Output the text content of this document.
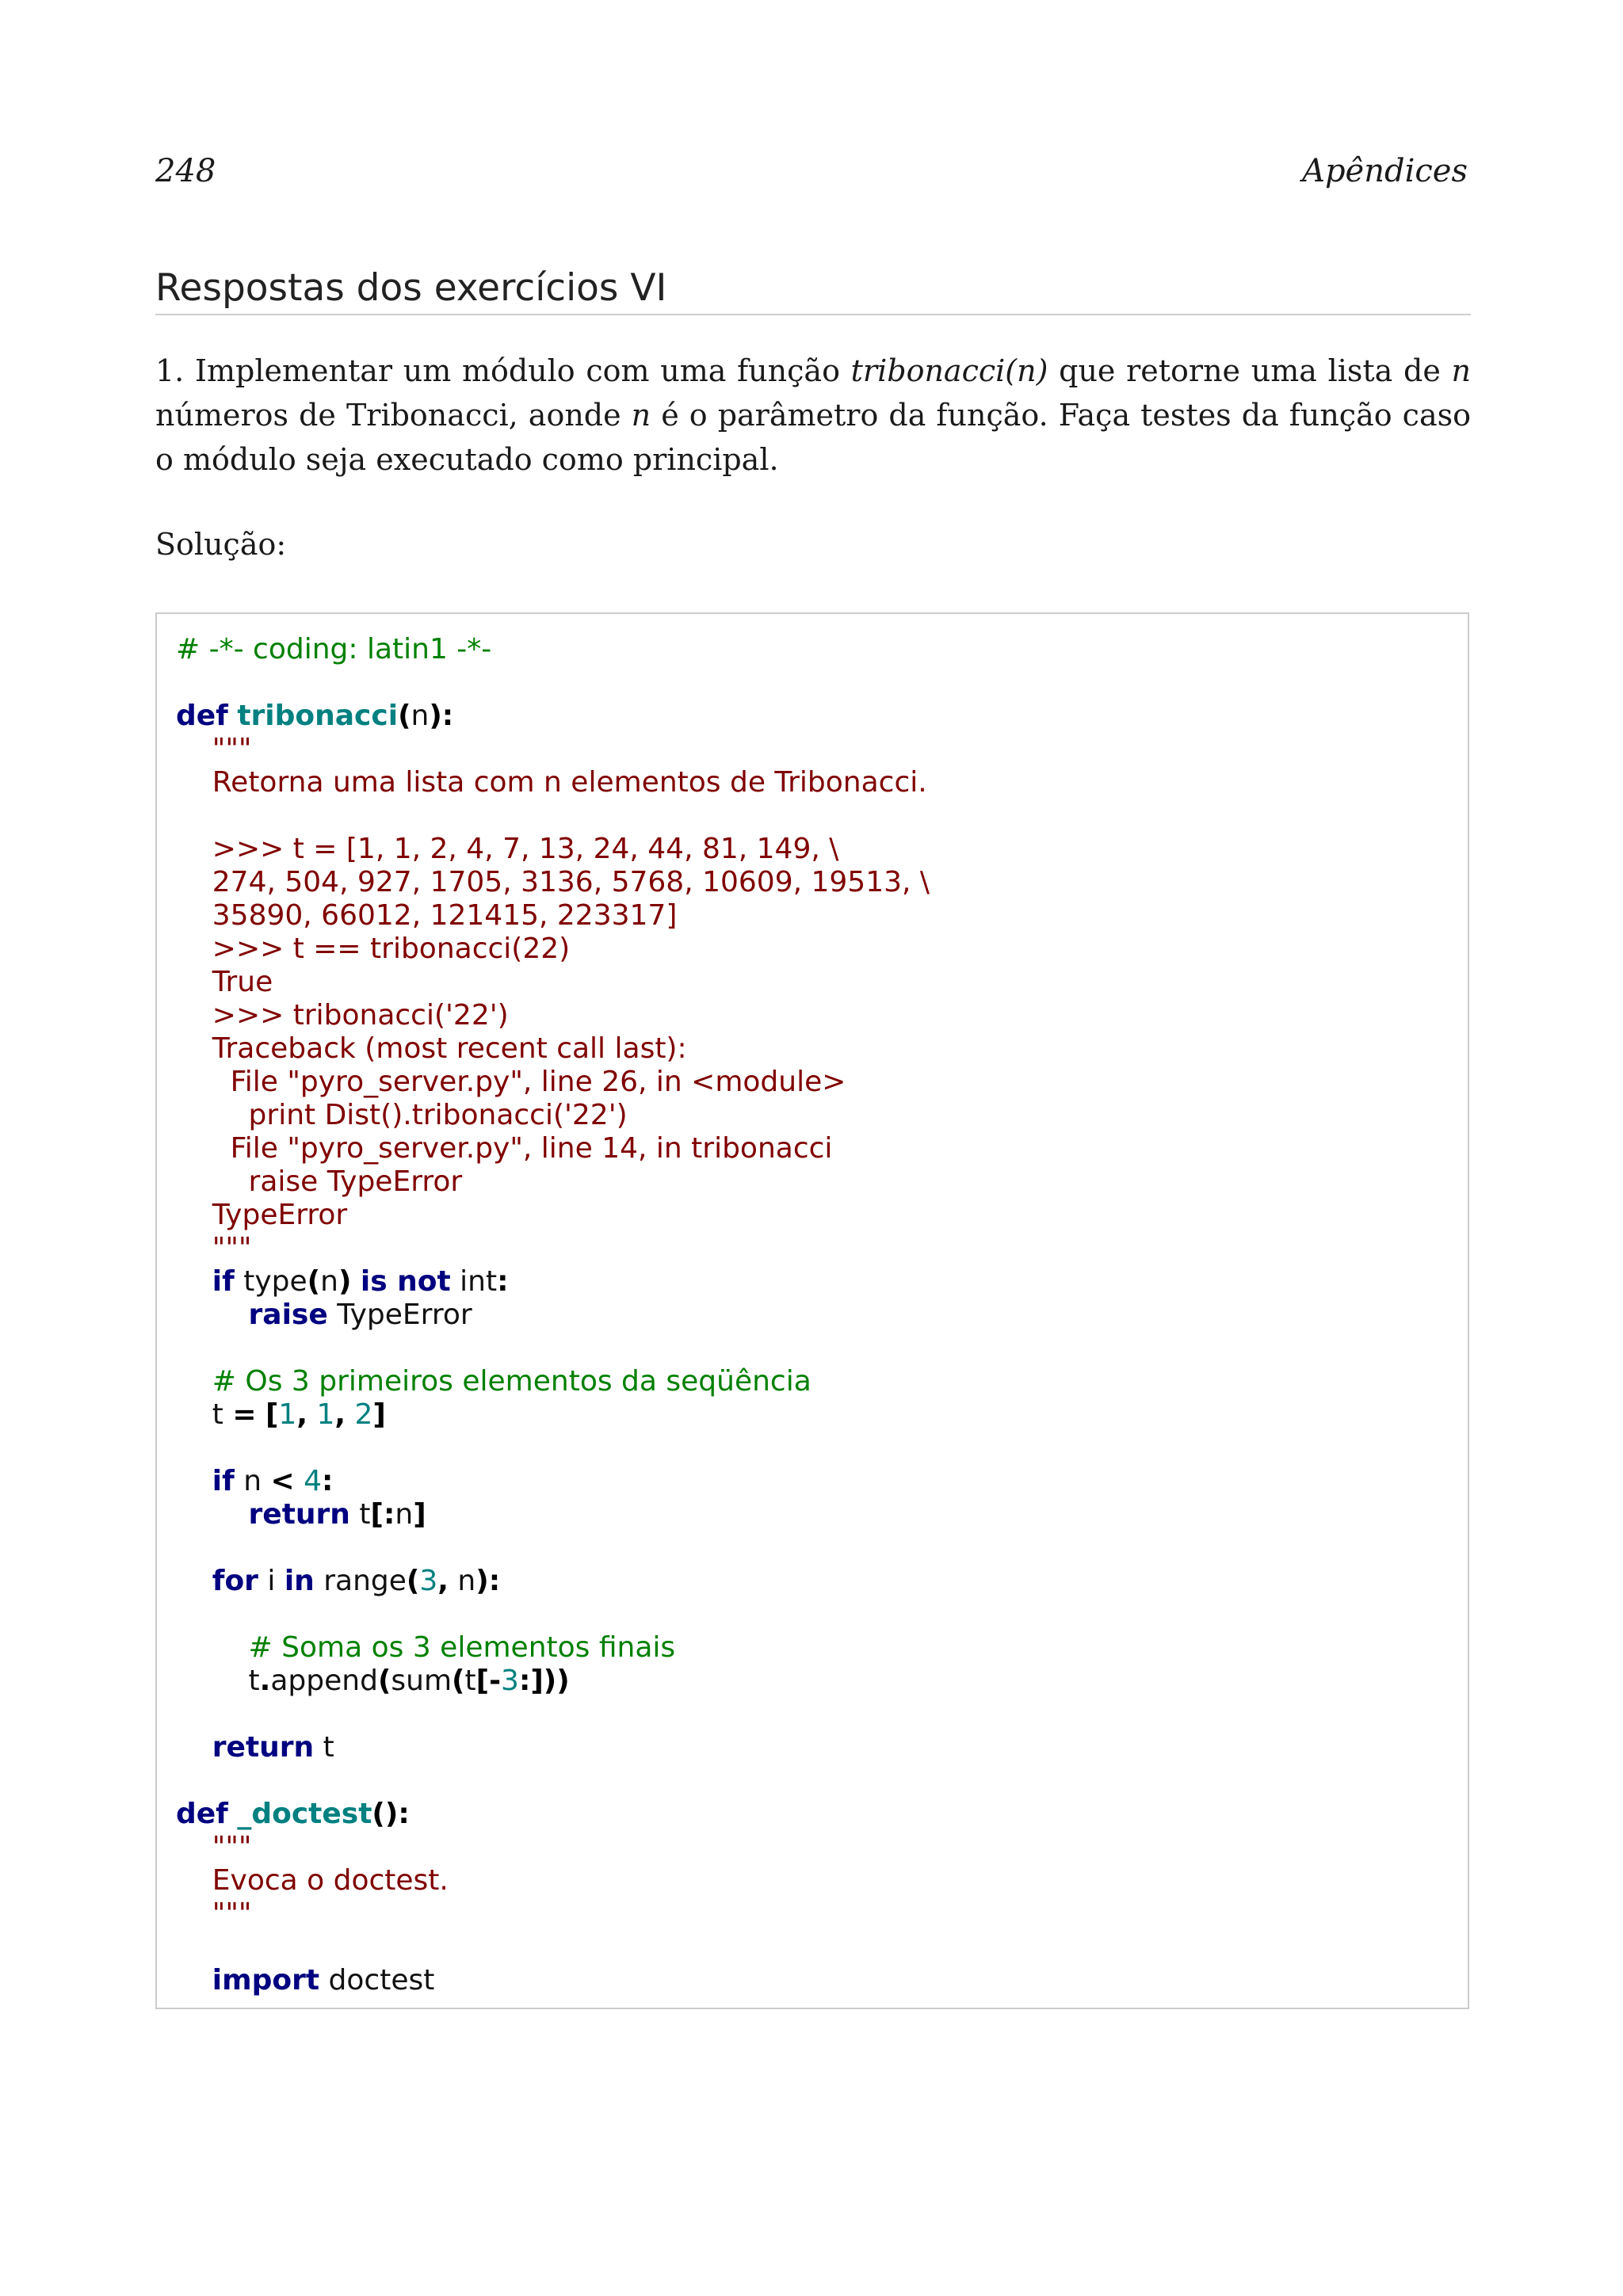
248	Apêndices
Respostas dos exercícios VI

1. Implementar um módulo com uma função tribonacci(n) que retorne uma lista de n números de Tribonacci, aonde n é o parâmetro da função. Faça testes da função caso o módulo seja executado como principal.

Solução:

# -*- coding: latin1 -*-
def tribonacci(n):
"""
Retorna uma lista com n elementos de Tribonacci.
>>> t = [1, 1, 2, 4, 7, 13, 24, 44, 81, 149, \
274, 504, 927, 1705, 3136, 5768, 10609, 19513, \
35890, 66012, 121415, 223317]
>>> t == tribonacci(22)
True
>>> tribonacci('22')
Traceback (most recent call last):
File "pyro_server.py", line 26, in <module>
print Dist().tribonacci('22')
File "pyro_server.py", line 14, in tribonacci
raise TypeError
TypeError
"""
if type(n) is not int:
raise TypeError
# Os 3 primeiros elementos da seqüência
t = [1, 1, 2]
if n < 4:
return t[:n]
for i in range(3, n):
# Soma os 3 elementos finais
t.append(sum(t[-3:]))
return t
def _doctest():
"""
Evoca o doctest.
"""
import doctest
